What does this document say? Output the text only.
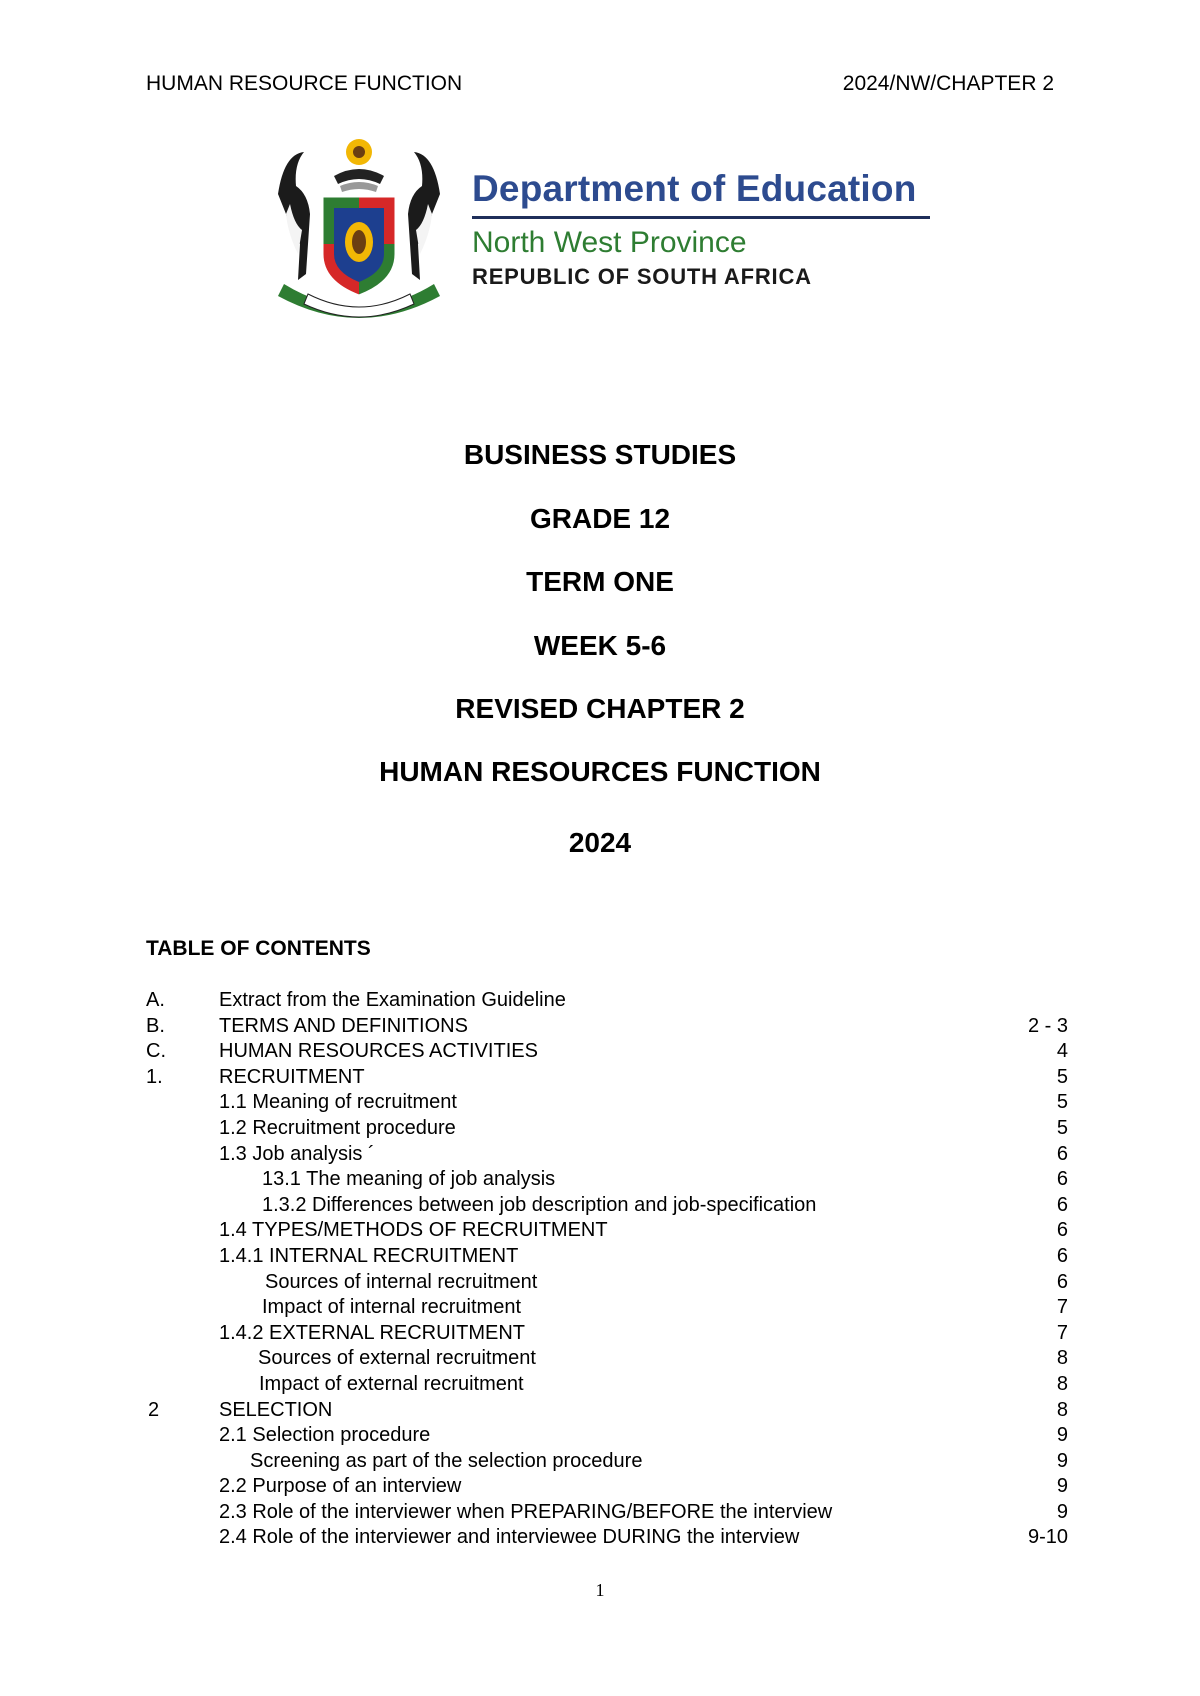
HUMAN RESOURCE FUNCTION	2024/NW/CHAPTER 2
Department of Education
North West Province
REPUBLIC OF SOUTH AFRICA
BUSINESS STUDIES
GRADE 12
TERM ONE
WEEK 5-6
REVISED CHAPTER 2
HUMAN RESOURCES FUNCTION
2024
TABLE OF CONTENTS
A.	Extract from the Examination Guideline
B.	TERMS AND DEFINITIONS	2 - 3
C.	HUMAN RESOURCES ACTIVITIES	4
1.	RECRUITMENT	5
1.1 Meaning of recruitment	5
1.2 Recruitment procedure	5
1.3 Job analysis ´	6
13.1 The meaning of job analysis	6
1.3.2 Differences between job description and job-specification	6
1.4 TYPES/METHODS OF RECRUITMENT	6
1.4.1 INTERNAL RECRUITMENT	6
Sources of internal recruitment	6
Impact of internal recruitment	7
1.4.2 EXTERNAL RECRUITMENT	7
Sources of external recruitment	8
Impact of external recruitment	8
2	SELECTION	8
2.1 Selection procedure	9
Screening as part of the selection procedure	9
2.2 Purpose of an interview	9
2.3 Role of the interviewer when PREPARING/BEFORE the interview	9
2.4 Role of the interviewer and interviewee DURING the interview	9-10
1
